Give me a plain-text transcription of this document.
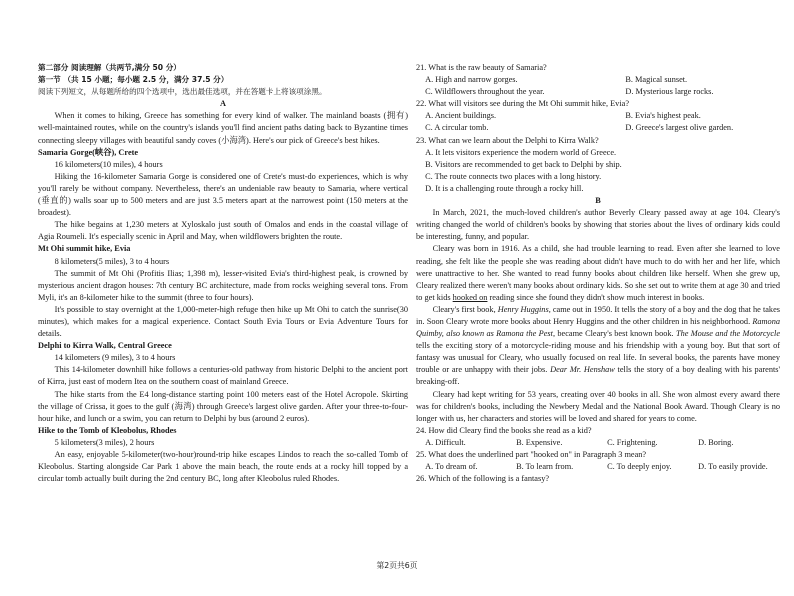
第二部分 阅读理解（共两节,满分 50 分）

第一节 （共 15 小题；每小题 2.5 分，满分 37.5 分）

阅读下列短文，从每题所给的四个选项中，选出最佳选项，并在答题卡上将该项涂黑。

A

When it comes to hiking, Greece has something for every kind of walker. The mainland boasts (拥有) well-maintained routes, while on the country's islands you'll find ancient paths dating back to Byzantine times connecting sleepy villages with beautiful sandy coves (小海湾). Here's our pick of Greece's best hikes.

Samaria Gorge(峡谷), Crete

16 kilometers(10 miles), 4 hours

Hiking the 16-kilometer Samaria Gorge is considered one of Crete's must-do experiences, which is why you'll rarely be without company. Nevertheless, there's an undeniable raw beauty to Samaria, where vertical (垂直的) walls soar up to 500 meters and are just 3.5 meters apart at the narrowest point (150 meters at the broadest).

The hike begains at 1,230 meters at Xyloskalo just south of Omalos and ends in the coastal village of Agia Roumeli. It's especially scenic in April and May, when wildflowers brighten the route.

Mt Ohi summit hike, Evia

8 kilometers(5 miles), 3 to 4 hours

The summit of Mt Ohi (Profitis Ilias; 1,398 m), lesser-visited Evia's third-highest peak, is crowned by mysterious ancient dragon houses: 7th century BC architecture, made from rocks weighing several tons. From Myli, it's an 8-kilometer hike to the summit (three to four hours).

It's possible to stay overnight at the 1,000-meter-high refuge then hike up Mt Ohi to catch the sunrise(30 minutes), which makes for a magical experience. Contact South Evia Tours or Evia Adventure Tours for details.

Delphi to Kirra Walk, Central Greece

14 kilometers (9 miles), 3 to 4 hours

This 14-kilometer downhill hike follows a centuries-old pathway from historic Delphi to the ancient port of Kirra, just east of modern Itea on the southern coast of mainland Greece.

The hike starts from the E4 long-distance starting point 100 meters east of the Hotel Acropole. Skirting the village of Crissa, it goes to the gulf (海湾) through Greece's largest olive garden. After your three-to-four-hour hike, and lunch or a swim, you can return to Delphi by bus (around 2 euros).

Hike to the Tomb of Kleobolus, Rhodes

5 kilometers(3 miles), 2 hours

An easy, enjoyable 5-kilometer(two-hour)round-trip hike escapes Lindos to reach the so-called Tomb of Kleobolus. Starting alongside Car Park 1 above the main beach, the route ends at a rocky hill topped by a circular tomb actually built during the 2nd century BC, long after Kleobolus ruled Rhodes.

21. What is the raw beauty of Samaria?

A. High and narrow gorges.	B. Magical sunset.
C. Wildflowers throughout the year.	D. Mysterious large rocks.

22. What will visitors see during the Mt Ohi summit hike, Evia?

A. Ancient buildings.	B. Evia's highest peak.
C. A circular tomb.	D. Greece's largest olive garden.

23. What can we learn about the Delphi to Kirra Walk?

A. It lets visitors experience the modern world of Greece.

B. Visitors are recommended to get back to Delphi by ship.

C. The route connects two places with a long history.

D. It is a challenging route through a rocky hill.

B

In March, 2021, the much-loved children's author Beverly Cleary passed away at age 104. Cleary's writing changed the world of children's books by showing that stories about the lives of ordinary kids could be interesting, funny, and popular.

Cleary was born in 1916. As a child, she had trouble learning to read. Even after she learned to love reading, she felt like the people she was reading about didn't have much to do with her and her life, which were unattractive to her. She wanted to read funny books about children like herself. When she grew up, Cleary realized there weren't many books about ordinary kids. So she set out to write them at age 30 and tried to get kids hooked on reading since she found they didn't show much interest in books.

Cleary's first book, Henry Huggins, came out in 1950. It tells the story of a boy and the dog that he takes in. Soon Cleary wrote more books about Henry Huggins and the other children in his neighborhood. Ramona Quimby, also known as Ramona the Pest, became Cleary's best known book. The Mouse and the Motorcycle tells the exciting story of a motorcycle-riding mouse and his friendship with a young boy. But that sort of fantasy was unusual for Cleary, who usually focused on real life. In several books, the parents have money trouble or are unhappy with their jobs. Dear Mr. Henshaw tells the story of a boy dealing with his parents' breaking-off.

Cleary had kept writing for 53 years, creating over 40 books in all. She won almost every award there was for children's books, including the Newbery Medal and the National Book Award. Though Cleary is no longer with us, her characters and stories will be loved and shared for years to come.

24. How did Cleary find the books she read as a kid?

A. Difficult.	B. Expensive.	C. Frightening.	D. Boring.

25. What does the underlined part "hooked on" in Paragraph 3 mean?

A. To dream of.	B. To learn from.	C. To deeply enjoy.	D. To easily provide.

26. Which of the following is a fantasy?

第2页共6页
